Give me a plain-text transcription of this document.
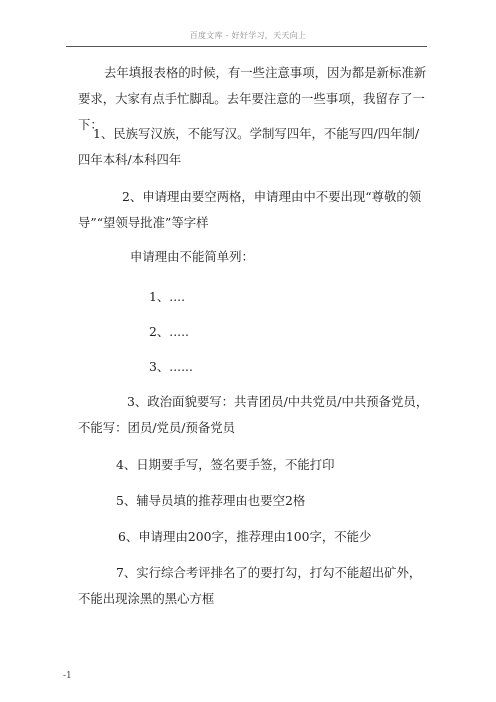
百度文库 - 好好学习，天天向上
去年填报表格的时候，有一些注意事项，因为都是新标准新要求，大家有点手忙脚乱。去年要注意的一些事项，我留存了一下：
1、民族写汉族，不能写汉。学制写四年，不能写四/四年制/四年本科/本科四年
2、申请理由要空两格，申请理由中不要出现“尊敬的领导”“望领导批准”等字样
申请理由不能简单列：
1、....
2、.....
3、......
3、政治面貌要写：共青团员/中共党员/中共预备党员，不能写：团员/党员/预备党员
4、日期要手写，签名要手签，不能打印
5、辅导员填的推荐理由也要空2格
6、申请理由200字，推荐理由100字，不能少
7、实行综合考评排名了的要打勾，打勾不能超出矿外，不能出现涂黑的黑心方框
-1
